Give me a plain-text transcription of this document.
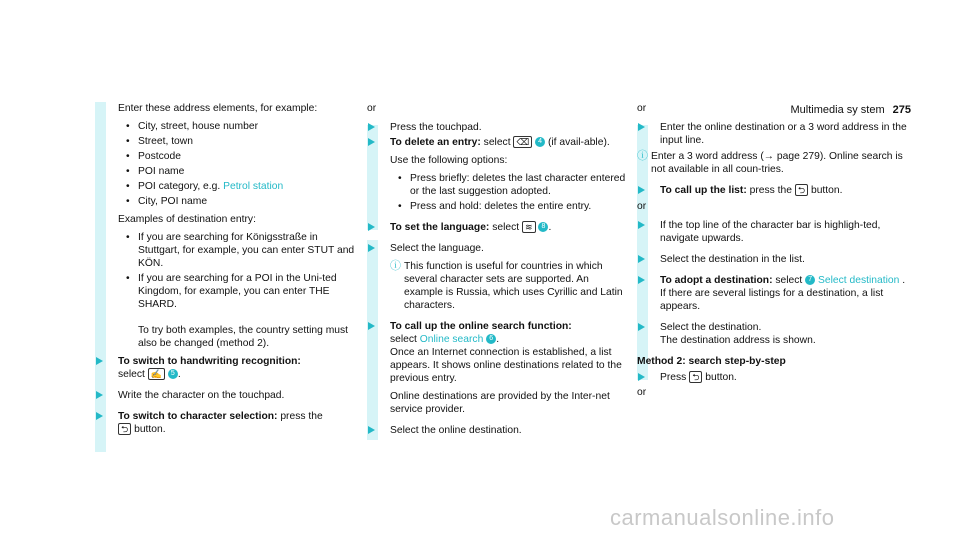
Multimedia sy stem 275

Enter these address elements, for example:

• City, street, house number
• Street, town
• Postcode
• POI name
• POI category, e.g. Petrol station
• City, POI name

Examples of destination entry:

• If you are searching for Königsstraße in Stuttgart, for example, you can enter STUT and KÖN.
• If you are searching for a POI in the Uni-ted Kingdom, for example, you can enter THE SHARD.

To try both examples, the country setting must also be changed (method 2).
To switch to handwriting recognition:
select ✍ 5 .
Write the character on the touchpad.
To switch to character selection: press the
⮌ button.

or

Press the touchpad.
To delete an entry: select ⌫ 4 (if avail-able).

Use the following options:

• Press briefly: deletes the last character entered or the last suggestion adopted.
• Press and hold: deletes the entire entry.
To set the language: select ≋ 8 .
Select the language.
ⓘ This function is useful for countries in which several character sets are supported. An example is Russia, which uses Cyrillic and Latin characters.
To call up the online search function:
select Online search 6 .
Once an Internet connection is established, a list appears. It shows online destinations related to the previous entry.

Online destinations are provided by the Inter-net service provider.

Select the online destination.

or

Enter the online destination or a 3 word address in the input line.
ⓘ Enter a 3 word address (→ page 279). Online search is not available in all coun-tries.
To call up the list: press the ⮌ button.

or

If the top line of the character bar is highligh-ted, navigate upwards.
Select the destination in the list.
To adopt a destination: select 7 Select destination .
If there are several listings for a destination, a list appears.
Select the destination.
The destination address is shown.

Method 2: search step-by-step

Press ⮌ button.

or

carmanualsonline.info
